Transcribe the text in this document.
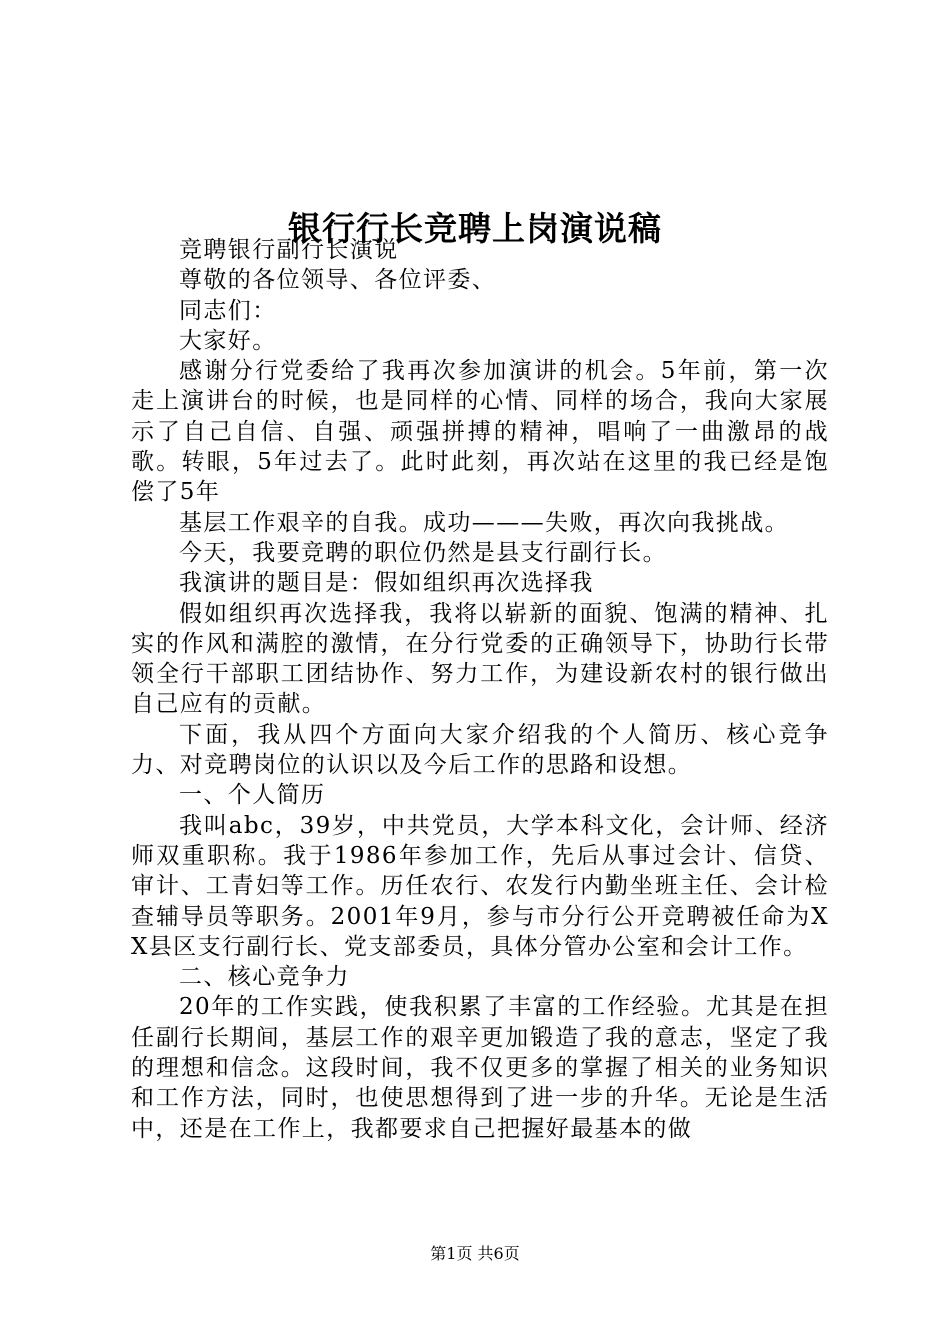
银行行长竞聘上岗演说稿

竞聘银行副行长演说

尊敬的各位领导、各位评委、

同志们：

大家好。

感谢分行党委给了我再次参加演讲的机会。5年前，第一次走上演讲台的时候，也是同样的心情、同样的场合，我向大家展示了自己自信、自强、顽强拼搏的精神，唱响了一曲激昂的战歌。转眼，5年过去了。此时此刻，再次站在这里的我已经是饱偿了5年

基层工作艰辛的自我。成功———失败，再次向我挑战。

今天，我要竞聘的职位仍然是县支行副行长。

我演讲的题目是：假如组织再次选择我

假如组织再次选择我，我将以崭新的面貌、饱满的精神、扎实的作风和满腔的激情，在分行党委的正确领导下，协助行长带领全行干部职工团结协作、努力工作，为建设新农村的银行做出自己应有的贡献。

下面，我从四个方面向大家介绍我的个人简历、核心竞争力、对竞聘岗位的认识以及今后工作的思路和设想。

一、个人简历

我叫abc，39岁，中共党员，大学本科文化，会计师、经济师双重职称。我于1986年参加工作，先后从事过会计、信贷、审计、工青妇等工作。历任农行、农发行内勤坐班主任、会计检查辅导员等职务。2001年9月，参与市分行公开竞聘被任命为XX县区支行副行长、党支部委员，具体分管办公室和会计工作。

二、核心竞争力

20年的工作实践，使我积累了丰富的工作经验。尤其是在担任副行长期间，基层工作的艰辛更加锻造了我的意志，坚定了我的理想和信念。这段时间，我不仅更多的掌握了相关的业务知识和工作方法，同时，也使思想得到了进一步的升华。无论是生活中，还是在工作上，我都要求自己把握好最基本的做

第1页 共6页
